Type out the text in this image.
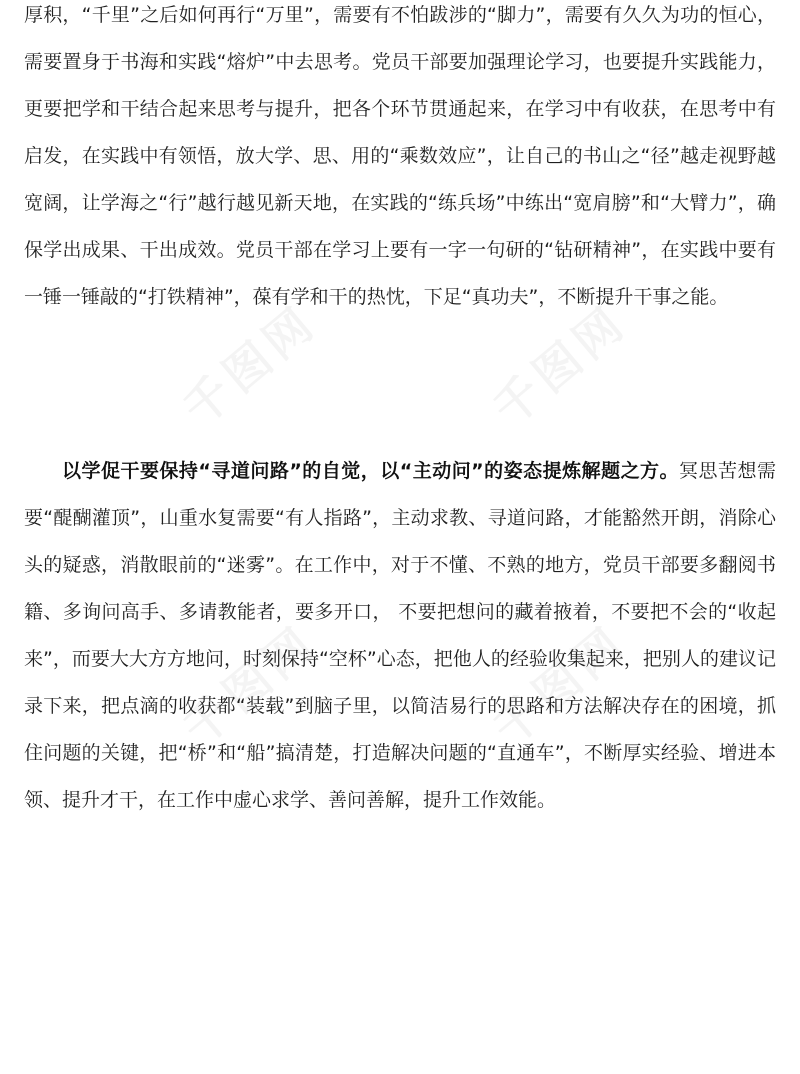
厚积，“千里”之后如何再行“万里”，需要有不怕跋涉的“脚力”，需要有久久为功的恒心，需要置身于书海和实践“熔炉”中去思考。党员干部要加强理论学习，也要提升实践能力，更要把学和干结合起来思考与提升，把各个环节贯通起来，在学习中有收获，在思考中有启发，在实践中有领悟，放大学、思、用的“乘数效应”，让自己的书山之“径”越走视野越宽阔，让学海之“行”越行越见新天地，在实践的“练兵场”中练出“宽肩膀”和“大臂力”，确保学出成果、干出成效。党员干部在学习上要有一字一句研的“钻研精神”，在实践中要有一锤一锤敲的“打铁精神”，葆有学和干的热忱，下足“真功夫”，不断提升干事之能。

以学促干要保持“寻道问路”的自觉，以“主动问”的姿态提炼解题之方。冥思苦想需要“醍醐灌顶”，山重水复需要“有人指路”，主动求教、寻道问路，才能豁然开朗，消除心头的疑惑，消散眼前的“迷雾”。在工作中，对于不懂、不熟的地方，党员干部要多翻阅书籍、多询问高手、多请教能者，要多开口， 不要把想问的藏着掖着，不要把不会的“收起来”，而要大大方方地问，时刻保持“空杯”心态，把他人的经验收集起来，把别人的建议记录下来，把点滴的收获都“装载”到脑子里，以简洁易行的思路和方法解决存在的困境，抓住问题的关键，把“桥”和“船”搞清楚，打造解决问题的“直通车”，不断厚实经验、增进本领、提升才干，在工作中虚心求学、善问善解，提升工作效能。
